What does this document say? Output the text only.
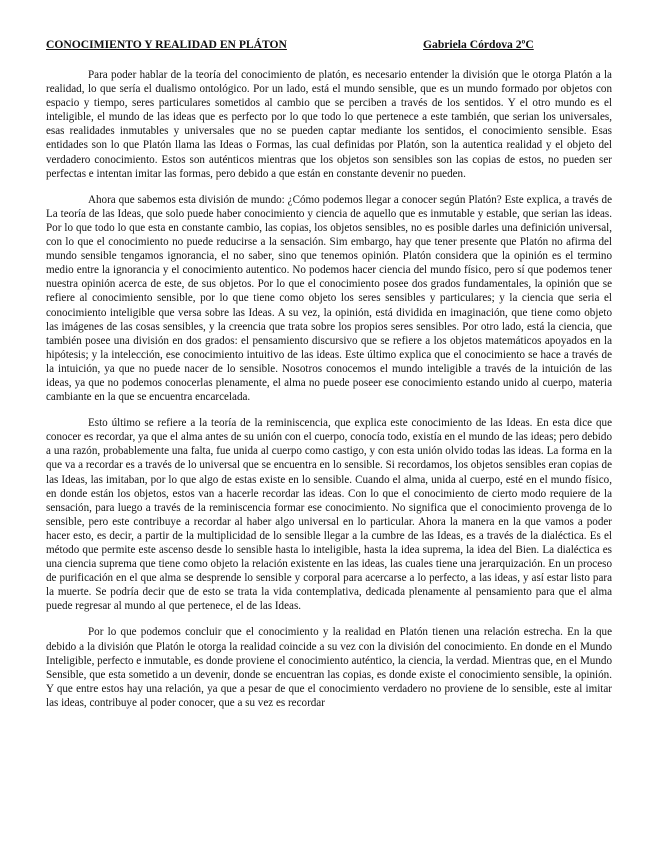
CONOCIMIENTO Y REALIDAD EN PLÁTON	Gabriela Córdova 2ºC

Para poder hablar de la teoría del conocimiento de platón, es necesario entender la división que le otorga Platón a la realidad, lo que sería el dualismo ontológico. Por un lado, está el mundo sensible, que es un mundo formado por objetos con espacio y tiempo, seres particulares sometidos al cambio que se perciben a través de los sentidos. Y el otro mundo es el inteligible, el mundo de las ideas que es perfecto por lo que todo lo que pertenece a este también, que serian los universales, esas realidades inmutables y universales que no se pueden captar mediante los sentidos, el conocimiento sensible. Esas entidades son lo que Platón llama las Ideas o Formas, las cual definidas por Platón, son la autentica realidad y el objeto del verdadero conocimiento. Estos son auténticos mientras que los objetos son sensibles son las copias de estos, no pueden ser perfectas e intentan imitar las formas, pero debido a que están en constante devenir no pueden.

Ahora que sabemos esta división de mundo: ¿Cómo podemos llegar a conocer según Platón? Este explica, a través de La teoría de las Ideas, que solo puede haber conocimiento y ciencia de aquello que es inmutable y estable, que serian las ideas. Por lo que todo lo que esta en constante cambio, las copias, los objetos sensibles, no es posible darles una definición universal, con lo que el conocimiento no puede reducirse a la sensación. Sim embargo, hay que tener presente que Platón no afirma del mundo sensible tengamos ignorancia, el no saber, sino que tenemos opinión. Platón considera que la opinión es el termino medio entre la ignorancia y el conocimiento autentico. No podemos hacer ciencia del mundo físico, pero sí que podemos tener nuestra opinión acerca de este, de sus objetos. Por lo que el conocimiento posee dos grados fundamentales, la opinión que se refiere al conocimiento sensible, por lo que tiene como objeto los seres sensibles y particulares; y la ciencia que seria el conocimiento inteligible que versa sobre las Ideas. A su vez, la opinión, está dividida en imaginación, que tiene como objeto las imágenes de las cosas sensibles, y la creencia que trata sobre los propios seres sensibles. Por otro lado, está la ciencia, que también posee una división en dos grados: el pensamiento discursivo que se refiere a los objetos matemáticos apoyados en la hipótesis; y la intelección, ese conocimiento intuitivo de las ideas. Este último explica que el conocimiento se hace a través de la intuición, ya que no puede nacer de lo sensible. Nosotros conocemos el mundo inteligible a través de la intuición de las ideas, ya que no podemos conocerlas plenamente, el alma no puede poseer ese conocimiento estando unido al cuerpo, materia cambiante en la que se encuentra encarcelada.

Esto último se refiere a la teoría de la reminiscencia, que explica este conocimiento de las Ideas. En esta dice que conocer es recordar, ya que el alma antes de su unión con el cuerpo, conocía todo, existía en el mundo de las ideas; pero debido a una razón, probablemente una falta, fue unida al cuerpo como castigo, y con esta unión olvido todas las ideas. La forma en la que va a recordar es a través de lo universal que se encuentra en lo sensible. Si recordamos, los objetos sensibles eran copias de las Ideas, las imitaban, por lo que algo de estas existe en lo sensible. Cuando el alma, unida al cuerpo, esté en el mundo físico, en donde están los objetos, estos van a hacerle recordar las ideas. Con lo que el conocimiento de cierto modo requiere de la sensación, para luego a través de la reminiscencia formar ese conocimiento. No significa que el conocimiento provenga de lo sensible, pero este contribuye a recordar al haber algo universal en lo particular. Ahora la manera en la que vamos a poder hacer esto, es decir, a partir de la multiplicidad de lo sensible llegar a la cumbre de las Ideas, es a través de la dialéctica. Es el método que permite este ascenso desde lo sensible hasta lo inteligible, hasta la idea suprema, la idea del Bien. La dialéctica es una ciencia suprema que tiene como objeto la relación existente en las ideas, las cuales tiene una jerarquización. En un proceso de purificación en el que alma se desprende lo sensible y corporal para acercarse a lo perfecto, a las ideas, y así estar listo para la muerte. Se podría decir que de esto se trata la vida contemplativa, dedicada plenamente al pensamiento para que el alma puede regresar al mundo al que pertenece, el de las Ideas.

Por lo que podemos concluir que el conocimiento y la realidad en Platón tienen una relación estrecha. En la que debido a la división que Platón le otorga la realidad coincide a su vez con la división del conocimiento. En donde en el Mundo Inteligible, perfecto e inmutable, es donde proviene el conocimiento auténtico, la ciencia, la verdad. Mientras que, en el Mundo Sensible, que esta sometido a un devenir, donde se encuentran las copias, es donde existe el conocimiento sensible, la opinión. Y que entre estos hay una relación, ya que a pesar de que el conocimiento verdadero no proviene de lo sensible, este al imitar las ideas, contribuye al poder conocer, que a su vez es recordar
